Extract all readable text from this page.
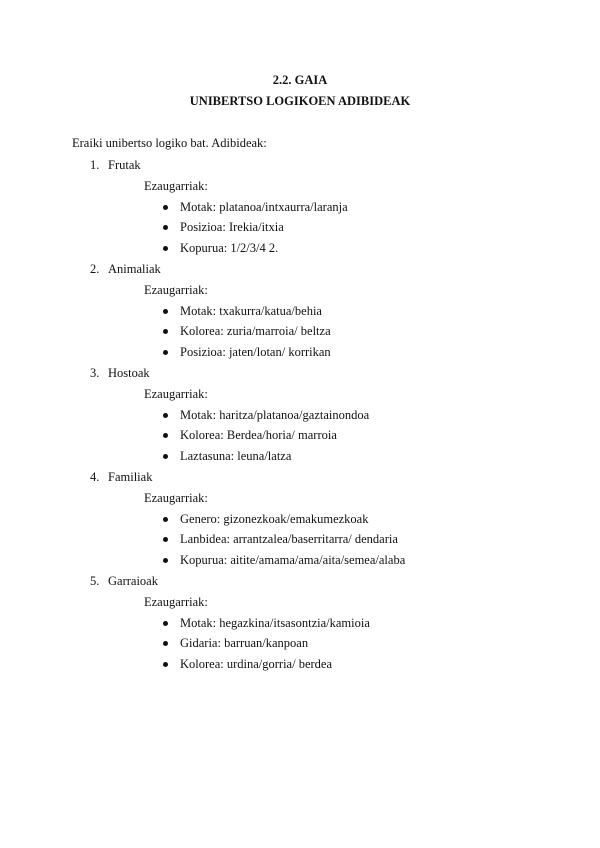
2.2. GAIA
UNIBERTSO LOGIKOEN ADIBIDEAK
Eraiki unibertso logiko bat. Adibideak:
1. Frutak
Ezaugarriak:
Motak: platanoa/intxaurra/laranja
Posizioa: Irekia/itxia
Kopurua: 1/2/3/4 2.
2. Animaliak
Ezaugarriak:
Motak: txakurra/katua/behia
Kolorea: zuria/marroia/ beltza
Posizioa: jaten/lotan/ korrikan
3. Hostoak
Ezaugarriak:
Motak: haritza/platanoa/gaztainondoa
Kolorea: Berdea/horia/ marroia
Laztasuna: leuna/latza
4. Familiak
Ezaugarriak:
Genero: gizonezkoak/emakumezkoak
Lanbidea: arrantzalea/baserritarra/ dendaria
Kopurua: aitite/amama/ama/aita/semea/alaba
5. Garraioak
Ezaugarriak:
Motak: hegazkina/itsasontzia/kamioia
Gidaria: barruan/kanpoan
Kolorea: urdina/gorria/ berdea
